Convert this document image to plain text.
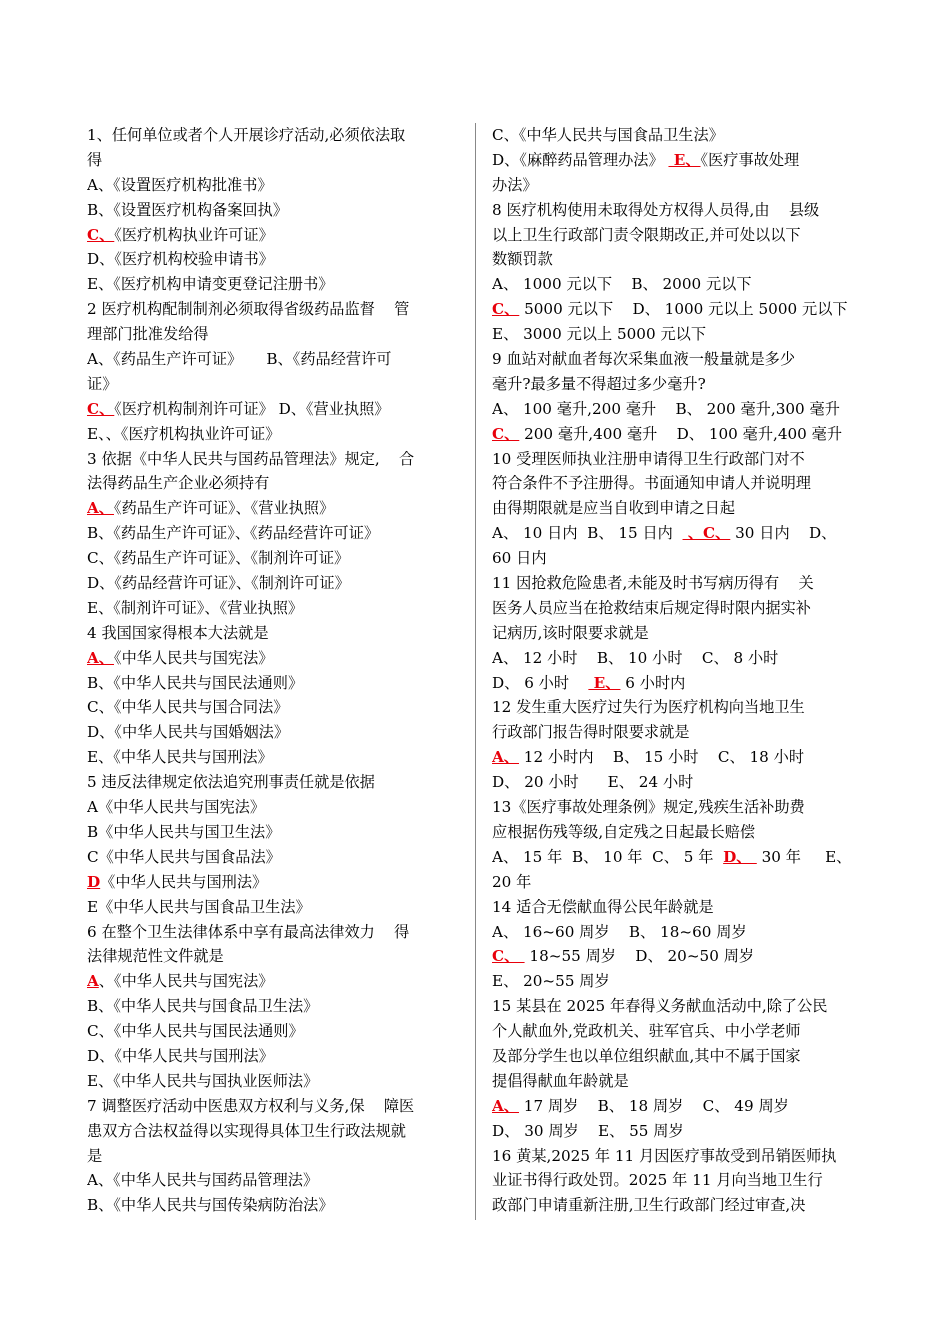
1、任何单位或者个人开展诊疗活动,必须依法取
得
A、《设置医疗机构批准书》
B、《设置医疗机构备案回执》
C、《医疗机构执业许可证》
D、《医疗机构校验申请书》
E、《医疗机构申请变更登记注册书》
2 医疗机构配制制剂必须取得省级药品监督    管
理部门批准发给得
A、《药品生产许可证》     B、《药品经营许可
证》
C、《医疗机构制剂许可证》 D、《营业执照》
E、、《医疗机构执业许可证》
3 依据《中华人民共与国药品管理法》规定,    合
法得药品生产企业必须持有
A、《药品生产许可证》、《营业执照》
B、《药品生产许可证》、《药品经营许可证》
C、《药品生产许可证》、《制剂许可证》
D、《药品经营许可证》、《制剂许可证》
E、《制剂许可证》、《营业执照》
4 我国国家得根本大法就是
A、《中华人民共与国宪法》
B、《中华人民共与国民法通则》
C、《中华人民共与国合同法》
D、《中华人民共与国婚姻法》
E、《中华人民共与国刑法》
5 违反法律规定依法追究刑事责任就是依据
A《中华人民共与国宪法》
B《中华人民共与国卫生法》
C《中华人民共与国食品法》
D《中华人民共与国刑法》
E《中华人民共与国食品卫生法》
6 在整个卫生法律体系中享有最高法律效力    得
法律规范性文件就是
A、《中华人民共与国宪法》
B、《中华人民共与国食品卫生法》
C、《中华人民共与国民法通则》
D、《中华人民共与国刑法》
E、《中华人民共与国执业医师法》
7 调整医疗活动中医患双方权利与义务,保    障医
患双方合法权益得以实现得具体卫生行政法规就
是
A、《中华人民共与国药品管理法》
B、《中华人民共与国传染病防治法》
C、《中华人民共与国食品卫生法》
D、《麻醉药品管理办法》  E、《医疗事故处理
办法》
8 医疗机构使用未取得处方权得人员得,由    县级
以上卫生行政部门责令限期改正,并可处以以下
数额罚款
A、 1000 元以下    B、 2000 元以下
C、 5000 元以下    D、 1000 元以上 5000 元以下
E、 3000 元以上 5000 元以下
9 血站对献血者每次采集血液一般量就是多少
毫升?最多量不得超过多少毫升?
A、 100 毫升,200 毫升    B、 200 毫升,300 毫升
C、 200 毫升,400 毫升    D、 100 毫升,400 毫升
10 受理医师执业注册申请得卫生行政部门对不
符合条件不予注册得。书面通知申请人并说明理
由得期限就是应当自收到申请之日起
A、 10 日内  B、 15 日内   、C、 30 日内    D、
60 日内
11 因抢救危险患者,未能及时书写病历得有    关
医务人员应当在抢救结束后规定得时限内据实补
记病历,该时限要求就是
A、 12 小时    B、 10 小时    C、 8 小时
D、 6 小时     E、 6 小时内
12 发生重大医疗过失行为医疗机构向当地卫生
行政部门报告得时限要求就是
A、 12 小时内    B、 15 小时    C、 18 小时
D、 20 小时      E、 24 小时
13《医疗事故处理条例》规定,残疾生活补助费
应根据伤残等级,自定残之日起最长赔偿
A、 15 年  B、 10 年  C、 5 年  D、  30 年     E、
20 年
14 适合无偿献血得公民年龄就是
A、 16~60 周岁    B、 18~60 周岁
C、  18~55 周岁    D、 20~50 周岁
E、 20~55 周岁
15 某县在 2025 年春得义务献血活动中,除了公民
个人献血外,党政机关、驻军官兵、中小学老师
及部分学生也以单位组织献血,其中不属于国家
提倡得献血年龄就是
A、 17 周岁    B、 18 周岁    C、 49 周岁
D、 30 周岁    E、 55 周岁
16 黄某,2025 年 11 月因医疗事故受到吊销医师执
业证书得行政处罚。2025 年 11 月向当地卫生行
政部门申请重新注册,卫生行政部门经过审查,决
